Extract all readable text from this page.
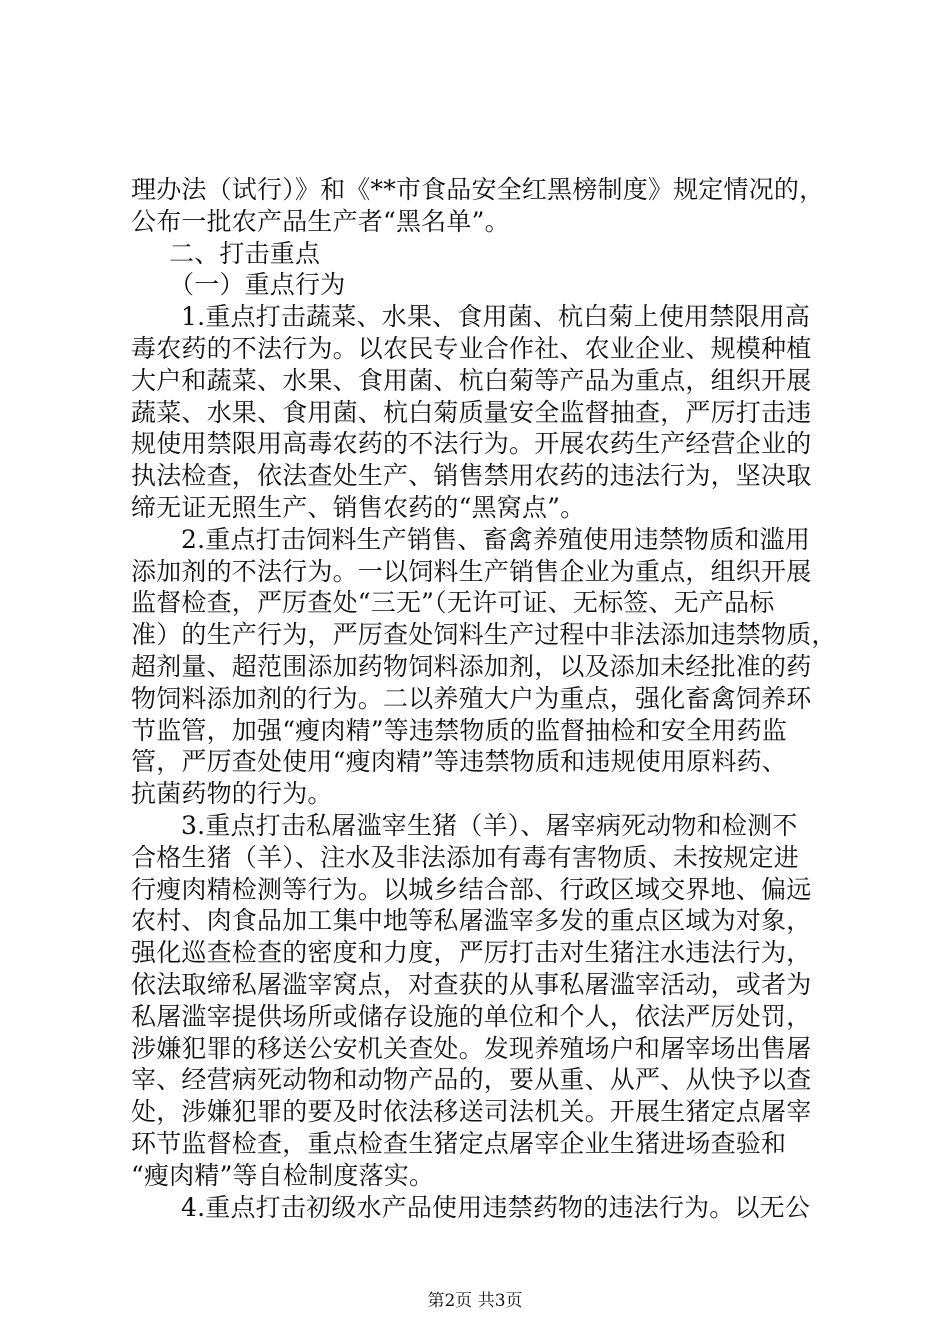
理办法（试行）》和《**市食品安全红黑榜制度》规定情况的，
公布一批农产品生产者“黑名单”。
二、打击重点
（一）重点行为
1.重点打击蔬菜、水果、食用菌、杭白菊上使用禁限用高
毒农药的不法行为。以农民专业合作社、农业企业、规模种植
大户和蔬菜、水果、食用菌、杭白菊等产品为重点，组织开展
蔬菜、水果、食用菌、杭白菊质量安全监督抽查，严厉打击违
规使用禁限用高毒农药的不法行为。开展农药生产经营企业的
执法检查，依法查处生产、销售禁用农药的违法行为，坚决取
缔无证无照生产、销售农药的“黑窝点”。
2.重点打击饲料生产销售、畜禽养殖使用违禁物质和滥用
添加剂的不法行为。一以饲料生产销售企业为重点，组织开展
监督检查，严厉查处“三无”（无许可证、无标签、无产品标
准）的生产行为，严厉查处饲料生产过程中非法添加违禁物质，
超剂量、超范围添加药物饲料添加剂，以及添加未经批准的药
物饲料添加剂的行为。二以养殖大户为重点，强化畜禽饲养环
节监管，加强“瘦肉精”等违禁物质的监督抽检和安全用药监
管，严厉查处使用“瘦肉精”等违禁物质和违规使用原料药、
抗菌药物的行为。
3.重点打击私屠滥宰生猪（羊）、屠宰病死动物和检测不
合格生猪（羊）、注水及非法添加有毒有害物质、未按规定进
行瘦肉精检测等行为。以城乡结合部、行政区域交界地、偏远
农村、肉食品加工集中地等私屠滥宰多发的重点区域为对象，
强化巡查检查的密度和力度，严厉打击对生猪注水违法行为，
依法取缔私屠滥宰窝点，对查获的从事私屠滥宰活动，或者为
私屠滥宰提供场所或储存设施的单位和个人，依法严厉处罚，
涉嫌犯罪的移送公安机关查处。发现养殖场户和屠宰场出售屠
宰、经营病死动物和动物产品的，要从重、从严、从快予以查
处，涉嫌犯罪的要及时依法移送司法机关。开展生猪定点屠宰
环节监督检查，重点检查生猪定点屠宰企业生猪进场查验和
“瘦肉精”等自检制度落实。
4.重点打击初级水产品使用违禁药物的违法行为。以无公
第2页 共3页
